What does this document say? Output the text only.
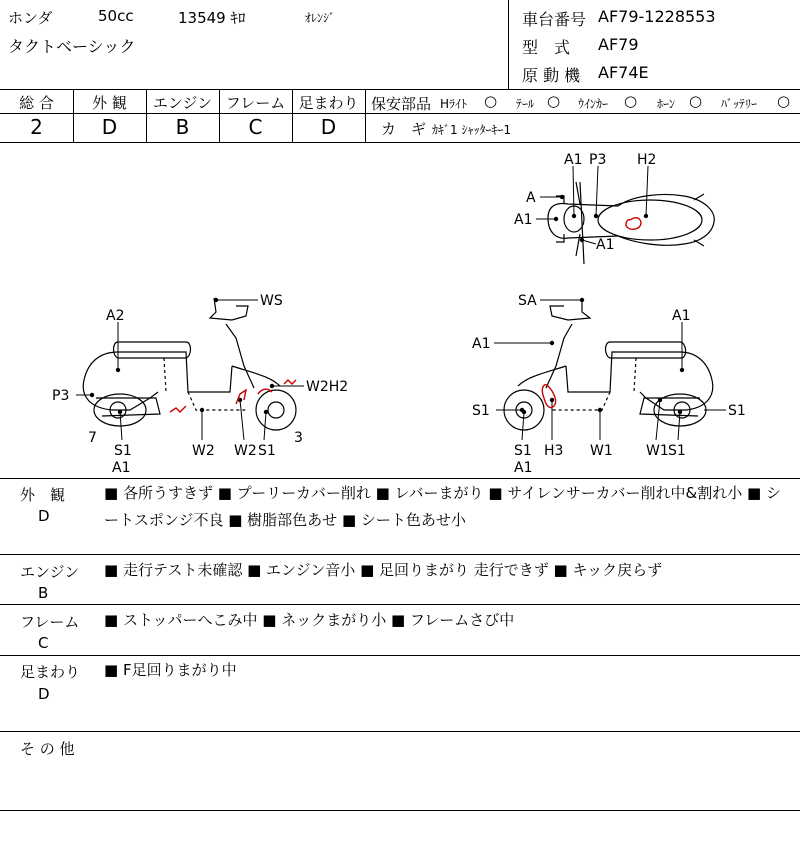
ホンダ	50cc	13549 ｷﾛ	ｵﾚﾝｼﾞ
タクトベーシック
車台番号 AF79-1228553
型　式 AF79
原 動 機 AF74E
総 合	外 観	エンジン フレーム 足まわり
2	D	B	C	D
保安部品 Hﾗｲﾄ ○ ﾃｰﾙ ○ ｳｲﾝｶｰ ○ ﾎｰﾝ ○ ﾊﾞｯﾃﾘｰ ○
カ　ギ ｶｷﾞ1 ｼｬｯﾀｰｷｰ1
A1 P3 H2
A
A1
A1
WS
A2
W2H2
P3
7
S1
A1
W2 W2 S1
3
SA
A1
A1
S1	S1
S1
A1
H3 W1 W1 S1
外　観
D
■ 各所うすきず ■ プーリーカバー削れ ■ レバーまがり ■ サイレンサーカバー削れ中&割れ小 ■ シートスポンジ不良 ■ 樹脂部色あせ ■ シート色あせ小
エンジン
B
■ 走行テスト未確認 ■ エンジン音小 ■ 足回りまがり 走行できず ■ キック戻らず
フレーム
C
■ ストッパーへこみ中 ■ ネックまがり小 ■ フレームさび中
足まわり
D
■ F足回りまがり中
そ の 他
